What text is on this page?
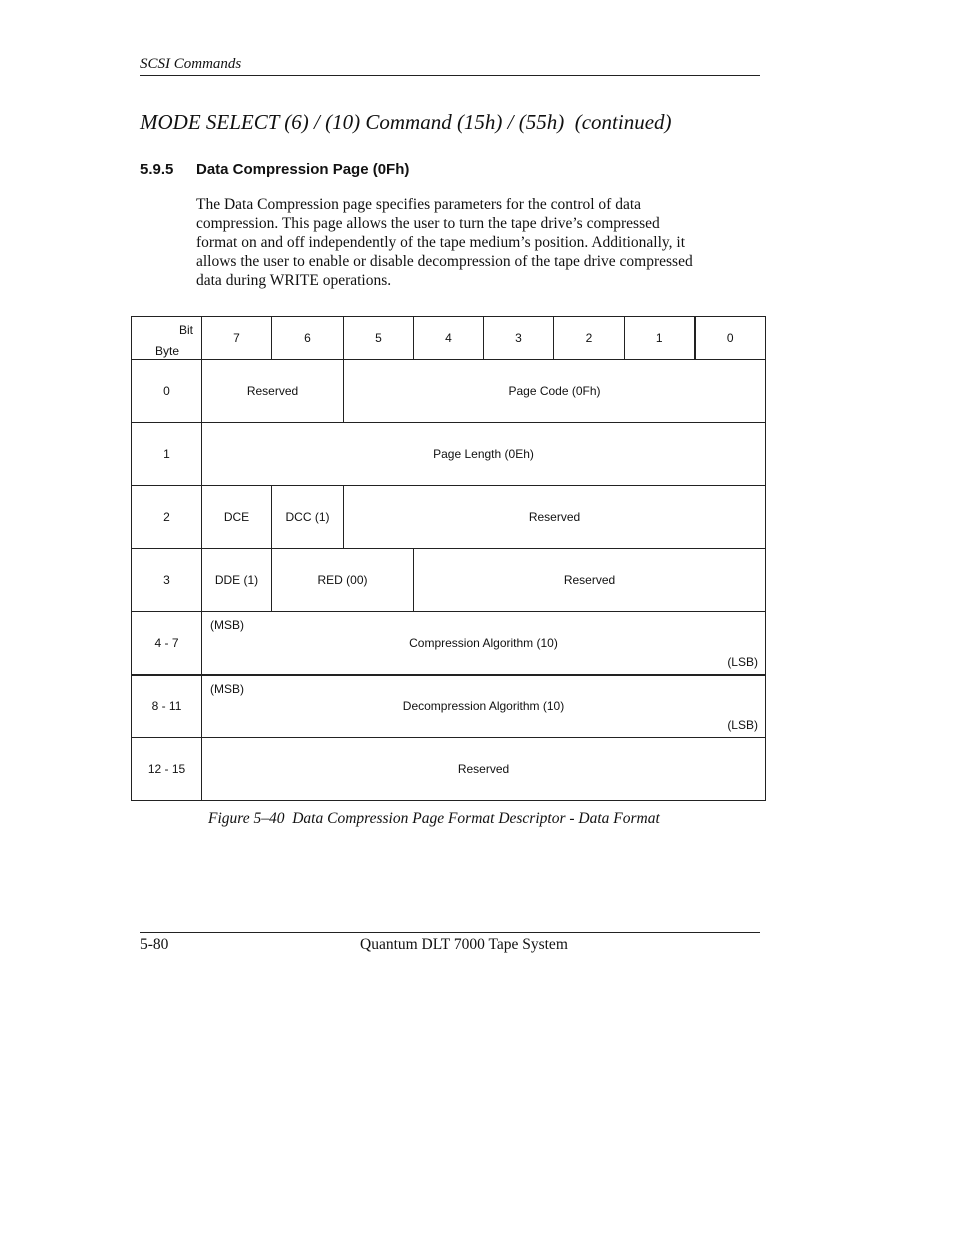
SCSI Commands
MODE SELECT (6) / (10) Command (15h) / (55h)  (continued)
5.9.5 Data Compression Page (0Fh)
The Data Compression page specifies parameters for the control of data
compression. This page allows the user to turn the tape drive’s compressed
format on and off independently of the tape medium’s position. Additionally, it
allows the user to enable or disable decompression of the tape drive compressed
data during WRITE operations.
Bit
Byte	7	6	5	4	3	2	1	0
0	Reserved		Page Code (0Fh)					
1	Page Length (0Eh)							
2	DCE	DCC (1)	Reserved					
3	DDE (1)	RED (00)		Reserved				
4 - 7	(MSB)
Compression Algorithm (10)
(LSB)							

8 - 11	(MSB)
Decompression Algorithm (10)
(LSB)							

12 - 15	Reserved							
Figure 5–40  Data Compression Page Format Descriptor - Data Format
5-80	Quantum DLT 7000 Tape System
